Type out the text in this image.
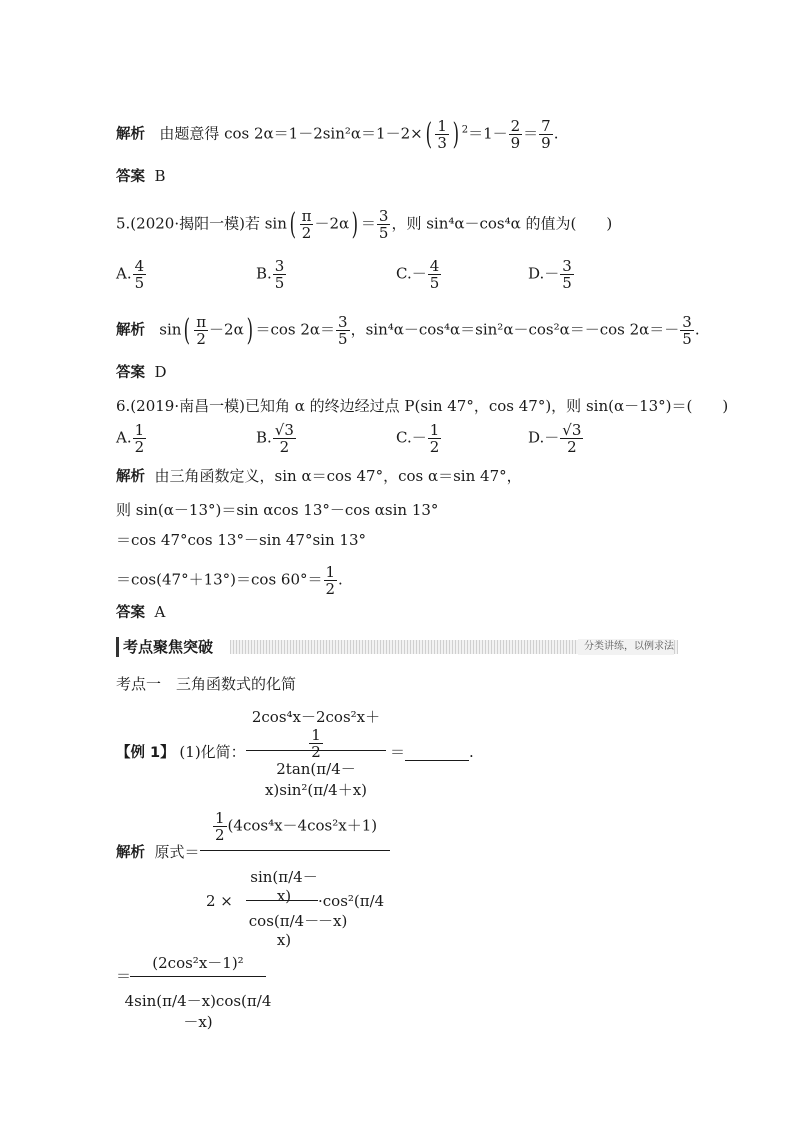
解析 由题意得 $\cos 2\alpha=1-2\sin^2\alpha=1-2\times( \frac{1}{3}$ ) $^2=1- \frac{2}{9} = \frac{7}{9}$ .
答案 B
5.(2020·揭阳一模)若 $\sin( \frac{\pi}{2} -2\alpha) = \frac{3}{5}$ ，则 sin⁴α－cos⁴α 的值为(　　)
A. $\frac{4}{5}$	B. $\frac{3}{5}$	$C.- \frac{4}{5}$	$D.- \frac{3}{5}$
解析   $\sin( \frac{\pi}{2} -2\alpha) =\cos$ $2\alpha= \frac{3}{5}$ ，sin⁴α－cos⁴α＝sin²α－cos²α＝－cos $2\alpha=- \frac{3}{5}$ .
答案 D
6.(2019·南昌一模)已知角 α 的终边经过点 P(sin 47°，cos 47°)，则 sin(α－13°)＝(　　)
A. $\frac{1}{2}$	B. $\frac{√3}{2}$	$C.- \frac{1}{2}$	$D.- \frac{√3}{2}$
解析 由三角函数定义，sin α＝cos 47°，cos α＝sin 47°，
则 sin(α－13°)＝sin αcos 13°－cos αsin 13°
＝cos 47°cos 13°－sin 47°sin 13°
＝cos(47°＋13°)＝cos $60^\circ= \frac{1}{2}$ .
答案 A
考点聚焦突破	分类讲练，以例求法
考点一　三角函数式的化简
【例 1】 (1)化简：
2cos⁴x－2cos²x＋
$\frac{1}{2}$
2tan(π/4－x)sin²(π/4＋x)
＝	.
解析 原式＝
$\frac{1}{2} (4\cos^4x-4\cos^2x+1)$
2 ×
sin(π/4－x)
cos(π/4－x)
·cos²(π/4－x)
＝
(2cos²x－1)²
4sin(π/4－x)cos(π/4－x)
